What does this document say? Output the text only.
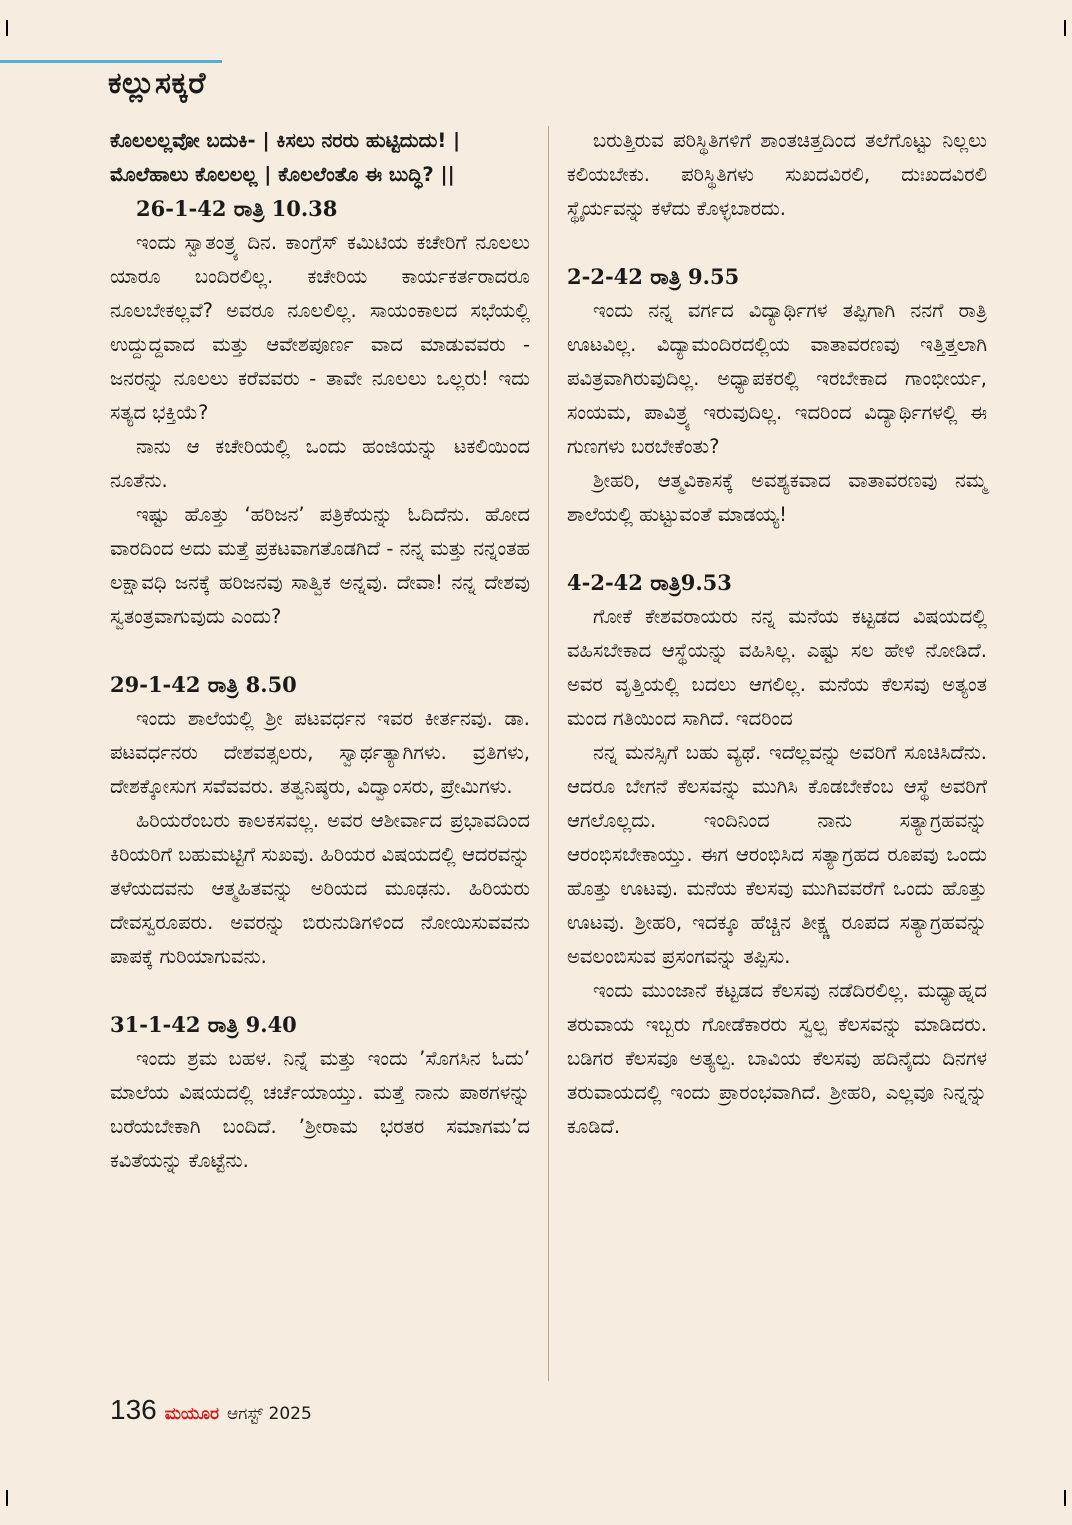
ಕಲ್ಲುಸಕ್ಕರೆ

ಕೊಲಲಲ್ಲವೋ ಬದುಕಿ- | ಕಿಸಲು ನರರು ಹುಟ್ಟಿದುದು! |ಮೊಲೆಹಾಲು ಕೊಲಲಲ್ಲ | ಕೊಲಲೆಂತೊ ಈ ಬುದ್ಧಿ? ||

26-1-42 ರಾತ್ರಿ 10.38

ಇಂದು ಸ್ವಾತಂತ್ರ್ಯ ದಿನ. ಕಾಂಗ್ರೆಸ್ ಕಮಿಟಿಯ ಕಚೇರಿಗೆ ನೂಲಲು ಯಾರೂ ಬಂದಿರಲಿಲ್ಲ. ಕಚೇರಿಯ ಕಾರ್ಯಕರ್ತರಾದರೂ ನೂಲಬೇಕಲ್ಲವೆ? ಅವರೂ ನೂಲಲಿಲ್ಲ. ಸಾಯಂಕಾಲದ ಸಭೆಯಲ್ಲಿ ಉದ್ದುದ್ದವಾದ ಮತ್ತು ಆವೇಶಪೂರ್ಣ ವಾದ ಮಾಡುವವರು - ಜನರನ್ನು ನೂಲಲು ಕರೆವವರು - ತಾವೇ ನೂಲಲು ಒಲ್ಲರು! ಇದು ಸತ್ಯದ ಭಕ್ತಿಯೆ?

ನಾನು ಆ ಕಚೇರಿಯಲ್ಲಿ ಒಂದು ಹಂಜಿಯನ್ನು ಟಕಲಿಯಿಂದ ನೂತೆನು.

ಇಷ್ಟು ಹೊತ್ತು ‘ಹರಿಜನ’ ಪತ್ರಿಕೆಯನ್ನು ಓದಿದೆನು. ಹೋದ ವಾರದಿಂದ ಅದು ಮತ್ತೆ ಪ್ರಕಟವಾಗತೊಡಗಿದೆ - ನನ್ನ ಮತ್ತು ನನ್ನಂತಹ ಲಕ್ಷಾವಧಿ ಜನಕ್ಕೆ ಹರಿಜನವು ಸಾತ್ವಿಕ ಅನ್ನವು. ದೇವಾ! ನನ್ನ ದೇಶವು ಸ್ವತಂತ್ರವಾಗುವುದು ಎಂದು?

29-1-42 ರಾತ್ರಿ 8.50

ಇಂದು ಶಾಲೆಯಲ್ಲಿ ಶ್ರೀ ಪಟವರ್ಧನ ಇವರ ಕೀರ್ತನವು. ಡಾ. ಪಟವರ್ಧನರು ದೇಶವತ್ಸಲರು, ಸ್ವಾರ್ಥತ್ಯಾಗಿಗಳು. ವ್ರತಿಗಳು, ದೇಶಕ್ಕೋಸುಗ ಸವೆವವರು. ತತ್ವನಿಷ್ಠರು, ವಿದ್ವಾಂಸರು, ಪ್ರೇಮಿಗಳು.

ಹಿರಿಯರೆಂಬರು ಕಾಲಕಸವಲ್ಲ. ಅವರ ಆಶೀರ್ವಾದ ಪ್ರಭಾವದಿಂದ ಕಿರಿಯರಿಗೆ ಬಹುಮಟ್ಟಿಗೆ ಸುಖವು. ಹಿರಿಯರ ವಿಷಯದಲ್ಲಿ ಆದರವನ್ನು ತಳೆಯದವನು ಆತ್ಮಹಿತವನ್ನು ಅರಿಯದ ಮೂಢನು. ಹಿರಿಯರು ದೇವಸ್ವರೂಪರು. ಅವರನ್ನು ಬಿರುನುಡಿಗಳಿಂದ ನೋಯಿಸುವವನು ಪಾಪಕ್ಕೆ ಗುರಿಯಾಗುವನು.

31-1-42 ರಾತ್ರಿ 9.40

ಇಂದು ಶ್ರಮ ಬಹಳ. ನಿನ್ನೆ ಮತ್ತು ಇಂದು ’ಸೊಗಸಿನ ಓದು’ ಮಾಲೆಯ ವಿಷಯದಲ್ಲಿ ಚರ್ಚೆಯಾಯ್ತು. ಮತ್ತೆ ನಾನು ಪಾಠಗಳನ್ನು ಬರೆಯಬೇಕಾಗಿ ಬಂದಿದೆ. ’ಶ್ರೀರಾಮ ಭರತರ ಸಮಾಗಮ’ದ ಕವಿತೆಯನ್ನು ಕೊಟ್ಟೆನು.

ಬರುತ್ತಿರುವ ಪರಿಸ್ಥಿತಿಗಳಿಗೆ ಶಾಂತಚಿತ್ತದಿಂದ ತಲೆಗೊಟ್ಟು ನಿಲ್ಲಲು ಕಲಿಯಬೇಕು. ಪರಿಸ್ಥಿತಿಗಳು ಸುಖದವಿರಲಿ, ದುಃಖದವಿರಲಿ ಸ್ಥೈರ್ಯವನ್ನು ಕಳೆದು ಕೊಳ್ಳಬಾರದು.

2-2-42 ರಾತ್ರಿ 9.55

ಇಂದು ನನ್ನ ವರ್ಗದ ವಿದ್ಯಾರ್ಥಿಗಳ ತಪ್ಪಿಗಾಗಿ ನನಗೆ ರಾತ್ರಿ ಊಟವಿಲ್ಲ. ವಿದ್ಯಾಮಂದಿರದಲ್ಲಿಯ ವಾತಾವರಣವು ಇತ್ತಿತ್ತಲಾಗಿ ಪವಿತ್ರವಾಗಿರುವುದಿಲ್ಲ. ಅಧ್ಯಾಪಕರಲ್ಲಿ ಇರಬೇಕಾದ ಗಾಂಭೀರ್ಯ, ಸಂಯಮ, ಪಾವಿತ್ರ್ಯ ಇರುವುದಿಲ್ಲ. ಇದರಿಂದ ವಿದ್ಯಾರ್ಥಿಗಳಲ್ಲಿ ಈ ಗುಣಗಳು ಬರಬೇಕೆಂತು?

ಶ್ರೀಹರಿ, ಆತ್ಮವಿಕಾಸಕ್ಕೆ ಅವಶ್ಯಕವಾದ ವಾತಾವರಣವು ನಮ್ಮ ಶಾಲೆಯಲ್ಲಿ ಹುಟ್ಟುವಂತೆ ಮಾಡಯ್ಯ!

4-2-42 ರಾತ್ರಿ9.53

ಗೋಕೆ ಕೇಶವರಾಯರು ನನ್ನ ಮನೆಯ ಕಟ್ಟಡದ ವಿಷಯದಲ್ಲಿ ವಹಿಸಬೇಕಾದ ಆಸ್ಥೆಯನ್ನು ವಹಿಸಿಲ್ಲ. ಎಷ್ಟು ಸಲ ಹೇಳಿ ನೋಡಿದೆ. ಅವರ ವೃತ್ತಿಯಲ್ಲಿ ಬದಲು ಆಗಲಿಲ್ಲ. ಮನೆಯ ಕೆಲಸವು ಅತ್ಯಂತ ಮಂದ ಗತಿಯಿಂದ ಸಾಗಿದೆ. ಇದರಿಂದ

ನನ್ನ ಮನಸ್ಸಿಗೆ ಬಹು ವ್ಯಥೆ. ಇದೆಲ್ಲವನ್ನು ಅವರಿಗೆ ಸೂಚಿಸಿದೆನು. ಆದರೂ ಬೇಗನೆ ಕೆಲಸವನ್ನು ಮುಗಿಸಿ ಕೊಡಬೇಕೆಂಬ ಆಸ್ಥೆ ಅವರಿಗೆ ಆಗಲೊಲ್ಲದು. ಇಂದಿನಿಂದ ನಾನು ಸತ್ಯಾಗ್ರಹವನ್ನು ಆರಂಭಿಸಬೇಕಾಯ್ತು. ಈಗ ಆರಂಭಿಸಿದ ಸತ್ಯಾಗ್ರಹದ ರೂಪವು ಒಂದು ಹೊತ್ತು ಊಟವು. ಮನೆಯ ಕೆಲಸವು ಮುಗಿವವರೆಗೆ ಒಂದು ಹೊತ್ತು ಊಟವು. ಶ್ರೀಹರಿ, ಇದಕ್ಕೂ ಹೆಚ್ಚಿನ ತೀಕ್ಷ್ಣ ರೂಪದ ಸತ್ಯಾಗ್ರಹವನ್ನು ಅವಲಂಬಿಸುವ ಪ್ರಸಂಗವನ್ನು ತಪ್ಪಿಸು.

ಇಂದು ಮುಂಜಾನೆ ಕಟ್ಟಡದ ಕೆಲಸವು ನಡೆದಿರಲಿಲ್ಲ. ಮಧ್ಯಾಹ್ನದ ತರುವಾಯ ಇಬ್ಬರು ಗೋಡೆಕಾರರು ಸ್ವಲ್ಪ ಕೆಲಸವನ್ನು ಮಾಡಿದರು. ಬಡಿಗರ ಕೆಲಸವೂ ಅತ್ಯಲ್ಪ. ಬಾವಿಯ ಕೆಲಸವು ಹದಿನೈದು ದಿನಗಳ ತರುವಾಯದಲ್ಲಿ ಇಂದು ಪ್ರಾರಂಭವಾಗಿದೆ. ಶ್ರೀಹರಿ, ಎಲ್ಲವೂ ನಿನ್ನನ್ನು ಕೂಡಿದೆ.

136 ಮಯೂರ ಆಗಸ್ಟ್ 2025
